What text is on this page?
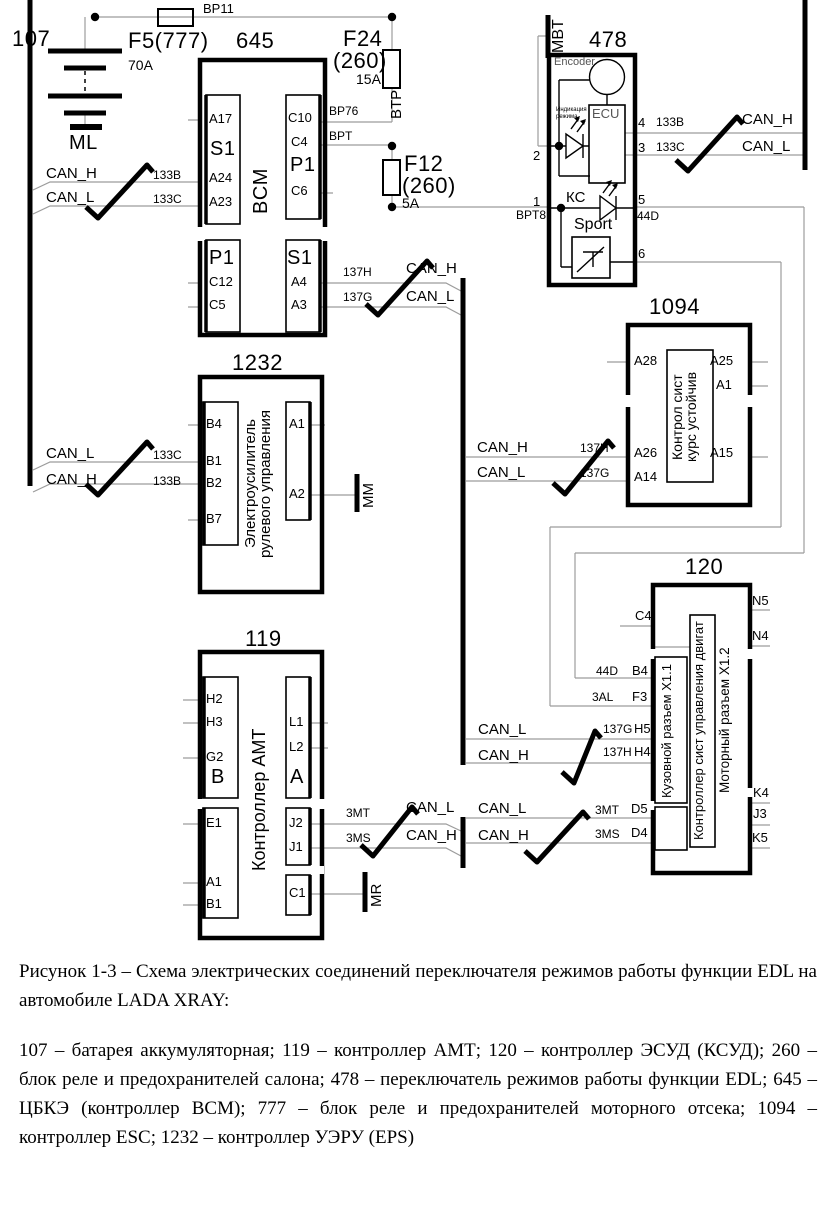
107
BP11
F5(777)
70A
645	F24
(260)
15A
BTP
MBT 478
Encoder
ECU
Индикация
режима
2
1
BPT8
КС
Sport
4 133B
3 133C
CAN_H
CAN_L
5
44D
6
ML
CAN_H	133B
CAN_L	133C
A17
S1
A24
A23
C10
C4
P1
C6
BP76
BPT
BCM
P1
C12
C5
S1
A4
A3
137H
137G
CAN_H
CAN_L
F12
(260)
5A
1232
B4
B1
B2
B7
A1
A2
CAN_L	133C
CAN_H	133B	Электроусилитель
рулевого управления	MM
1094
A28
A26
A14
A25
A1
A15
Контрол сист
курс устойчив
CAN_H	137H
CAN_L	137G
119
H2
H3
G2
B
E1
A1
B1
L1
L2
A
J2
J1
C1
Контроллер АМТ
MR
3MT CAN_L
3MS CAN_H
120
C4
44D B4
3AL F3
137G H5
137H H4
3MT D5
3MS D4
CAN_L
CAN_H
CAN_L
CAN_H
N5
N4
K4
J3
K5
Кузовной разъем X1.1 Контроллер сист управления двигат Моторный разъем X1.2

Рисунок 1-3 – Схема электрических соединений переключателя режимов работы функции EDL на автомобиле LADA XRAY:

107 – батарея аккумуляторная; 119 – контроллер АМТ; 120 – контроллер ЭСУД (КСУД); 260 – блок реле и предохранителей салона; 478 – переключатель режимов работы функции EDL; 645 – ЦБКЭ (контроллер BCM); 777 – блок реле и предохранителей моторного отсека; 1094 – контроллер ESC; 1232 – контроллер УЭРУ (EPS)
